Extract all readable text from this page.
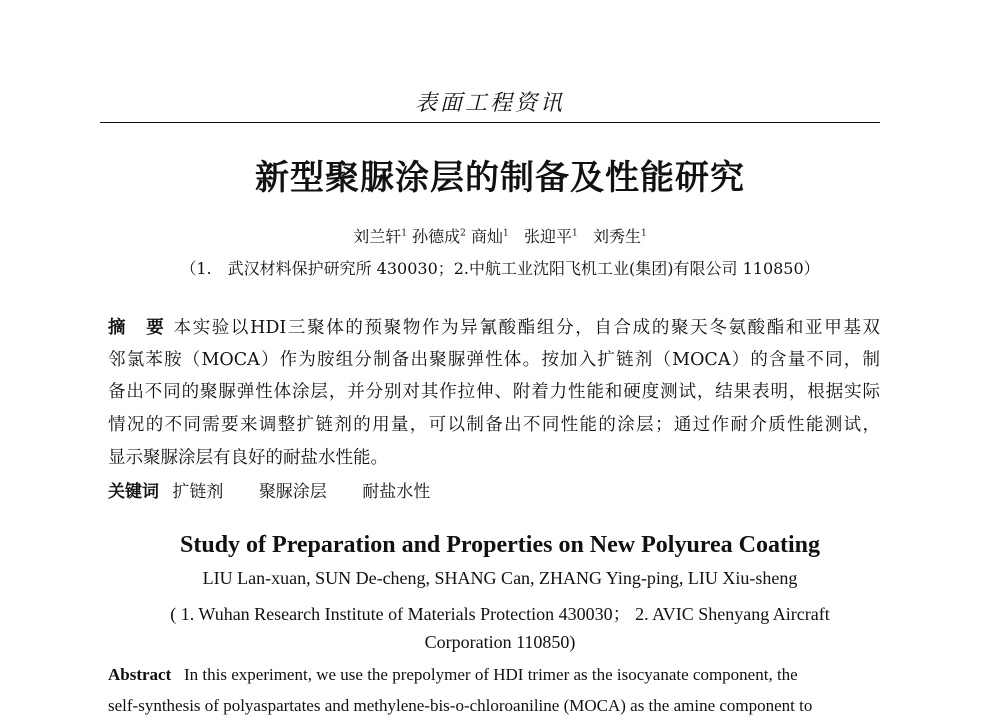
表面工程资讯
新型聚脲涂层的制备及性能研究
刘兰轩$^1$ 孙德成$^2$ 商灿$^1$ 张迎平$^1$ 刘秀生$^1$
（1.　武汉材料保护研究所 430030；2.中航工业沈阳飞机工业(集团)有限公司 110850）
摘　要 本实验以HDI三聚体的预聚物作为异氰酸酯组分，自合成的聚天冬氨酸酯和亚甲基双
邻氯苯胺（MOCA）作为胺组分制备出聚脲弹性体。按加入扩链剂（MOCA）的含量不同，制
备出不同的聚脲弹性体涂层，并分别对其作拉伸、附着力性能和硬度测试，结果表明，根据实际
情况的不同需要来调整扩链剂的用量，可以制备出不同性能的涂层；通过作耐介质性能测试，
显示聚脲涂层有良好的耐盐水性能。
关键词 扩链剂 聚脲涂层 耐盐水性
Study of Preparation and Properties on New Polyurea Coating
LIU Lan-xuan, SUN De-cheng, SHANG Can, ZHANG Ying-ping, LIU Xiu-sheng
( 1. Wuhan Research Institute of Materials Protection 430030； 2. AVIC Shenyang Aircraft
Corporation 110850)
Abstract In this experiment, we use the prepolymer of HDI trimer as the isocyanate component, the
self-synthesis of polyaspartates and methylene-bis-o-chloroaniline (MOCA) as the amine component to
